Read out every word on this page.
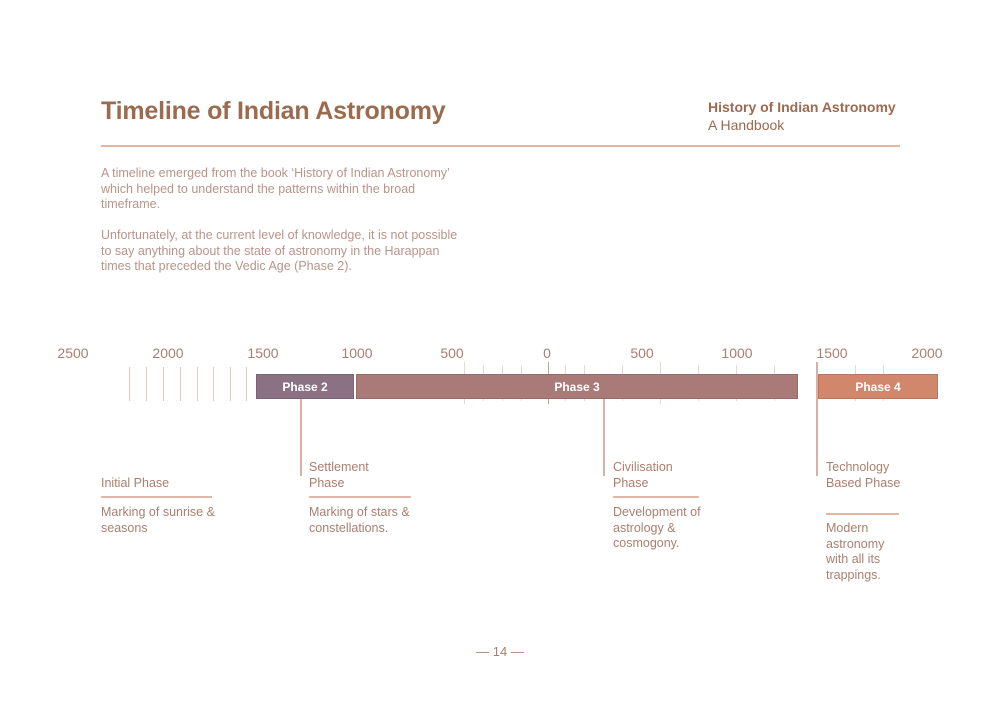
Timeline of Indian Astronomy	History of Indian Astronomy
A Handbook
A timeline emerged from the book ‘History of Indian Astronomy’ which helped to understand the patterns within the broad timeframe.
Unfortunately, at the current level of knowledge, it is not possible to say anything about the state of astronomy in the Harappan times that preceded the Vedic Age (Phase 2).
2500	2000	1500	1000	500	0	500	1000	1500	2000
Phase 2	Phase 3	Phase 4
Initial Phase
Marking of sunrise & seasons
Settlement Phase
Marking of stars & constellations.
Civilisation Phase
Development of astrology & cosmogony.
Technology Based Phase
Modern astronomy with all its trappings.
— 14 —
